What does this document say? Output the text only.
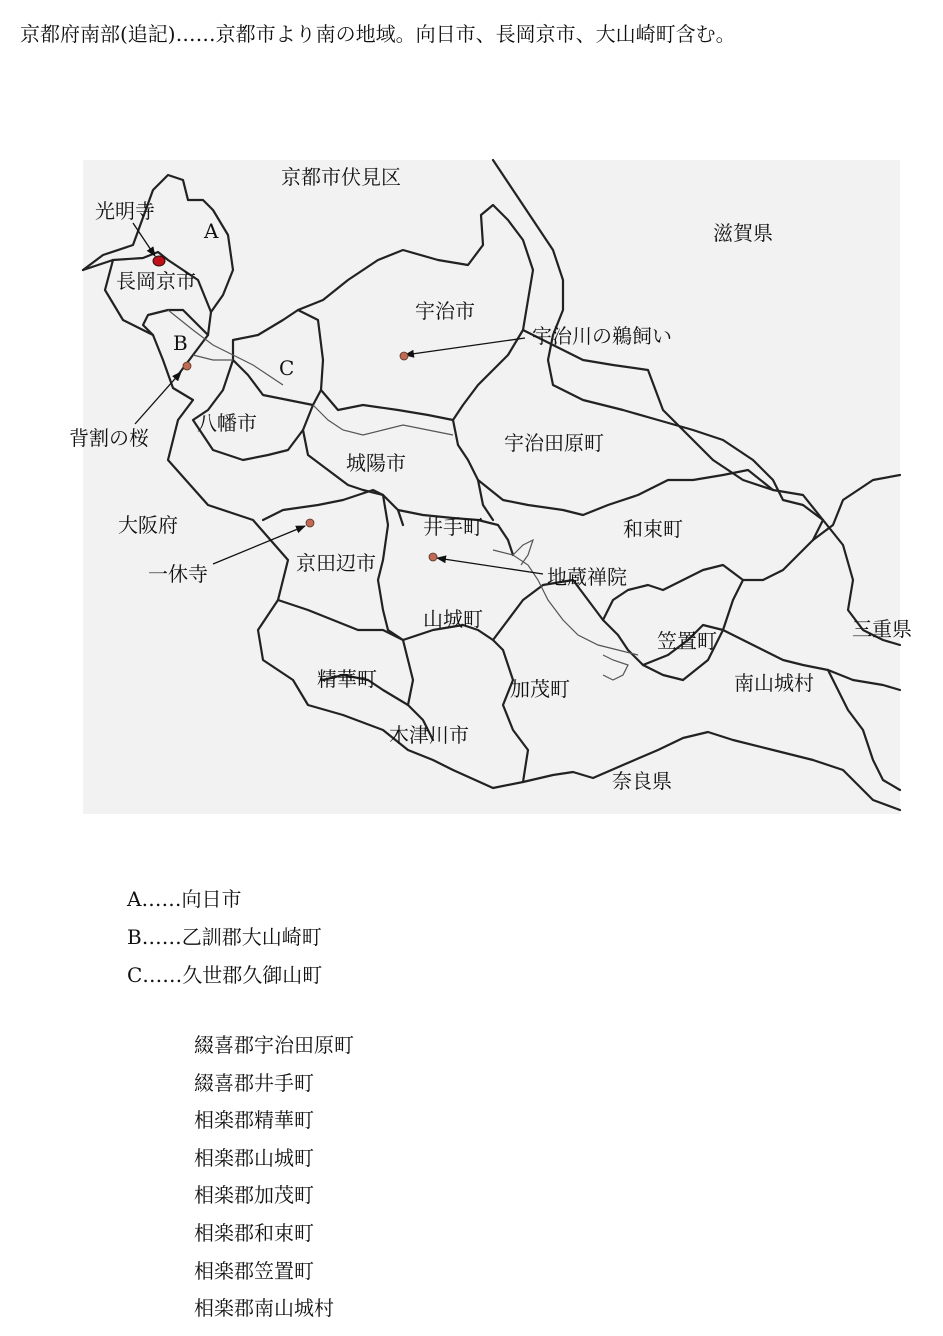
京都府南部(追記)……京都市より南の地域。向日市、長岡京市、大山崎町含む。
京都市伏見区
滋賀県
光明寺
A
長岡京市
宇治市
宇治川の鵜飼い
B
C
背割の桜
八幡市
城陽市
宇治田原町
大阪府	井手町	和束町
一休寺	京田辺市
地蔵禅院
三重県
山城町
笠置町
精華町	加茂町	南山城村
木津川市
奈良県
A……向日市
B……乙訓郡大山崎町
C……久世郡久御山町
綴喜郡宇治田原町
綴喜郡井手町
相楽郡精華町
相楽郡山城町
相楽郡加茂町
相楽郡和束町
相楽郡笠置町
相楽郡南山城村
